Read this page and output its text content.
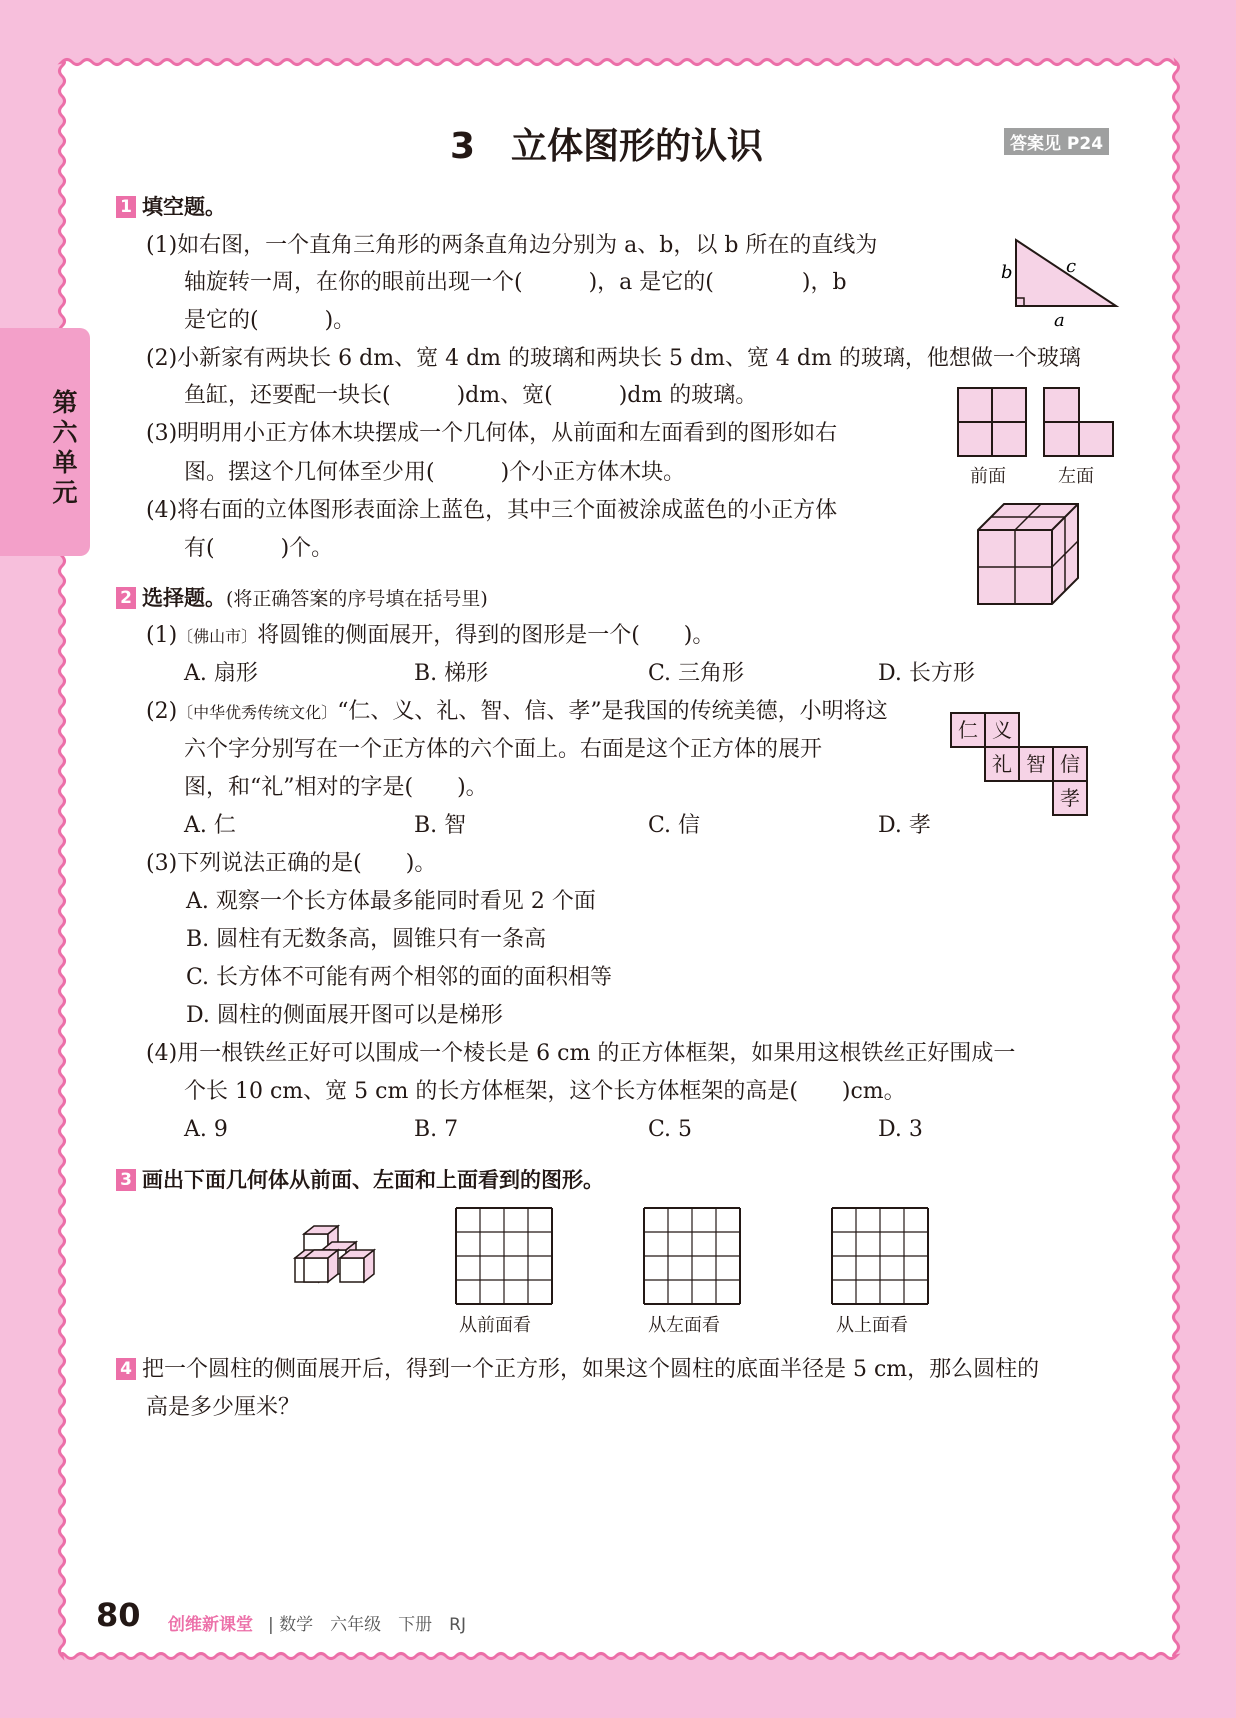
第六单元
3　立体图形的认识	答案见 P24
1 填空题。
(1)如右图，一个直角三角形的两条直角边分别为 a、b，以 b 所在的直线为
轴旋转一周，在你的眼前出现一个(　　　)，a 是它的(　　　　)，b
是它的(　　　)。
b	c
a
(2)小新家有两块长 6 dm、宽 4 dm 的玻璃和两块长 5 dm、宽 4 dm 的玻璃，他想做一个玻璃
鱼缸，还要配一块长(　　　)dm、宽(　　　)dm 的玻璃。
前面	左面
(3)明明用小正方体木块摆成一个几何体，从前面和左面看到的图形如右
图。摆这个几何体至少用(　　　)个小正方体木块。
(4)将右面的立体图形表面涂上蓝色，其中三个面被涂成蓝色的小正方体
有(　　　)个。
2 选择题。(将正确答案的序号填在括号里)
(1)〔佛山市〕将圆锥的侧面展开，得到的图形是一个(　　)。
A. 扇形	B. 梯形	C. 三角形	D. 长方形
(2)〔中华优秀传统文化〕“仁、义、礼、智、信、孝”是我国的传统美德，小明将这
六个字分别写在一个正方体的六个面上。右面是这个正方体的展开
图，和“礼”相对的字是(　　)。
A. 仁	B. 智	C. 信	D. 孝
仁 义
礼 智 信
孝
(3)下列说法正确的是(　　)。
A. 观察一个长方体最多能同时看见 2 个面
B. 圆柱有无数条高，圆锥只有一条高
C. 长方体不可能有两个相邻的面的面积相等
D. 圆柱的侧面展开图可以是梯形
(4)用一根铁丝正好可以围成一个棱长是 6 cm 的正方体框架，如果用这根铁丝正好围成一
个长 10 cm、宽 5 cm 的长方体框架，这个长方体框架的高是(　　)cm。
A. 9	B. 7	C. 5	D. 3
3 画出下面几何体从前面、左面和上面看到的图形。
从前面看	从左面看	从上面看
4 把一个圆柱的侧面展开后，得到一个正方形，如果这个圆柱的底面半径是 5 cm，那么圆柱的
高是多少厘米？
80 创维新课堂 | 数学　六年级　下册　RJ
